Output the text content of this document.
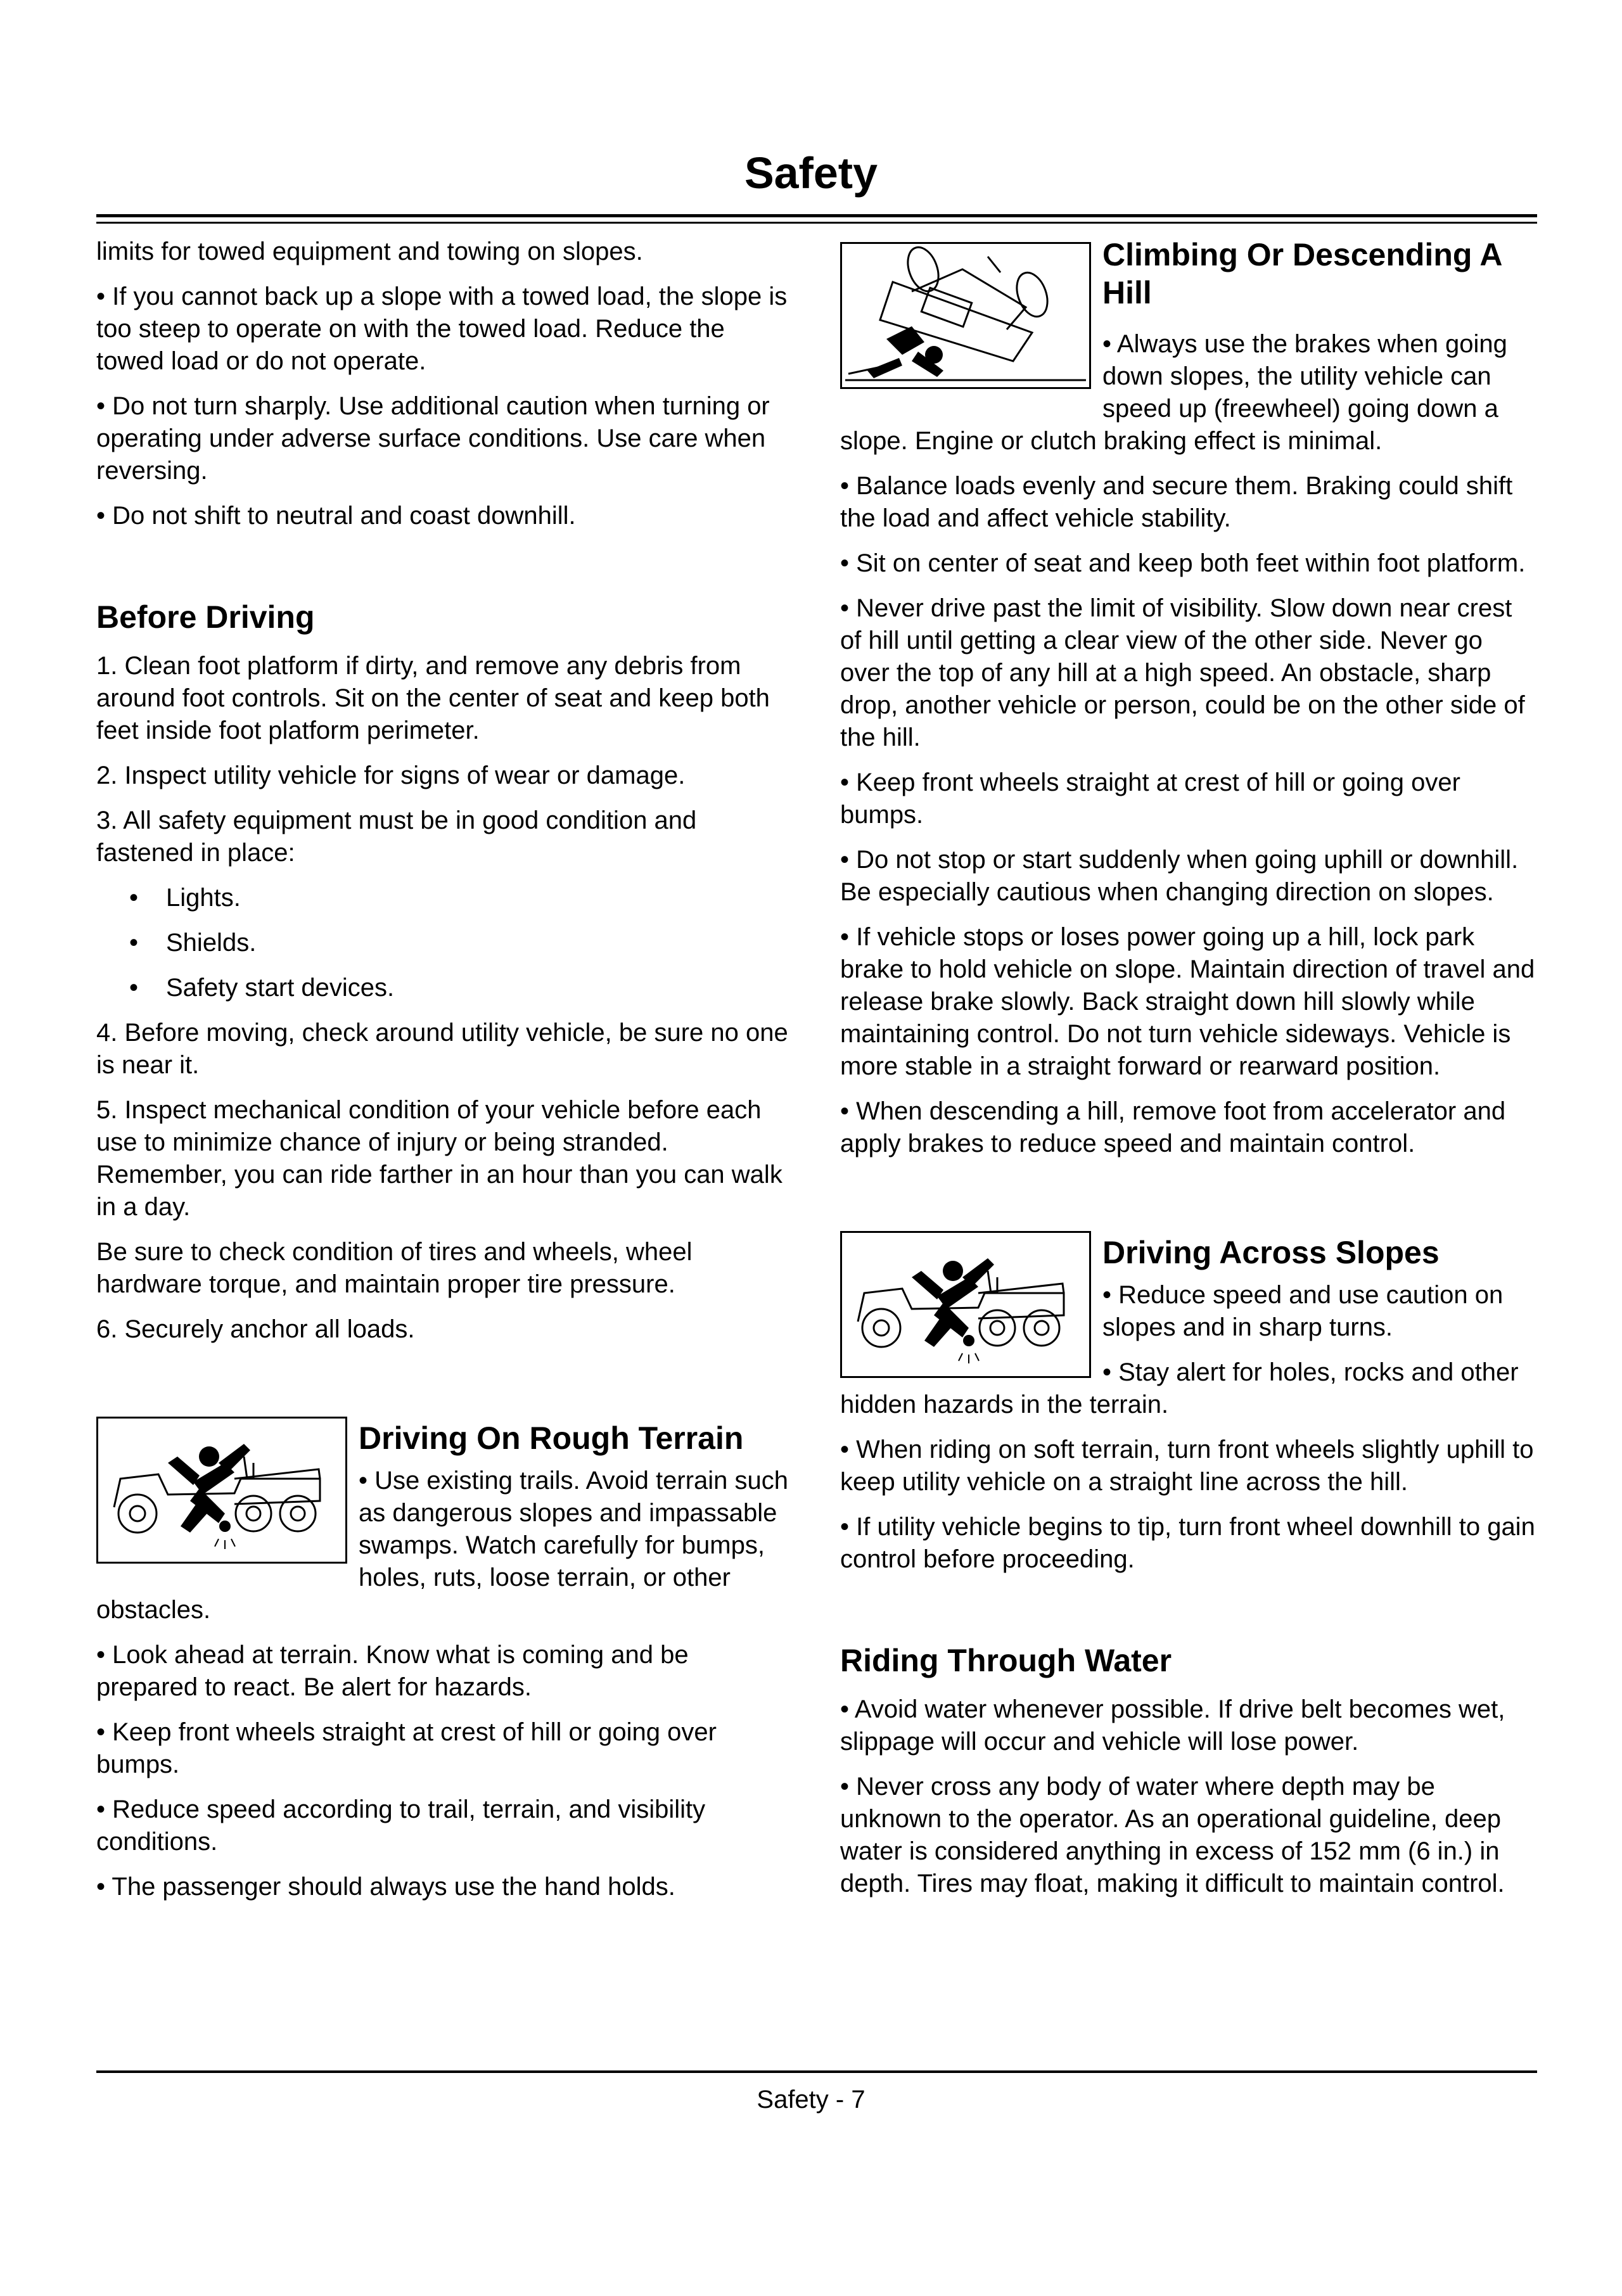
Safety

limits for towed equipment and towing on slopes.

• If you cannot back up a slope with a towed load, the slope is too steep to operate on with the towed load. Reduce the towed load or do not operate.

• Do not turn sharply. Use additional caution when turning or operating under adverse surface conditions. Use care when reversing.

• Do not shift to neutral and coast downhill.

Before Driving

1. Clean foot platform if dirty, and remove any debris from around foot controls. Sit on the center of seat and keep both feet inside foot platform perimeter.

2. Inspect utility vehicle for signs of wear or damage.

3. All safety equipment must be in good condition and fastened in place:

• Lights.
• Shields.
• Safety start devices.

4. Before moving, check around utility vehicle, be sure no one is near it.

5. Inspect mechanical condition of your vehicle before each use to minimize chance of injury or being stranded. Remember, you can ride farther in an hour than you can walk in a day.

Be sure to check condition of tires and wheels, wheel hardware torque, and maintain proper tire pressure.

6. Securely anchor all loads.

Driving On Rough Terrain

• Use existing trails. Avoid terrain such as dangerous slopes and impassable swamps. Watch carefully for bumps, holes, ruts, loose terrain, or other obstacles.

• Look ahead at terrain. Know what is coming and be prepared to react. Be alert for hazards.

• Keep front wheels straight at crest of hill or going over bumps.

• Reduce speed according to trail, terrain, and visibility conditions.

• The passenger should always use the hand holds.

Climbing Or Descending A Hill

• Always use the brakes when going down slopes, the utility vehicle can speed up (freewheel) going down a slope. Engine or clutch braking effect is minimal.

• Balance loads evenly and secure them. Braking could shift the load and affect vehicle stability.

• Sit on center of seat and keep both feet within foot platform.

• Never drive past the limit of visibility. Slow down near crest of hill until getting a clear view of the other side. Never go over the top of any hill at a high speed. An obstacle, sharp drop, another vehicle or person, could be on the other side of the hill.

• Keep front wheels straight at crest of hill or going over bumps.

• Do not stop or start suddenly when going uphill or downhill. Be especially cautious when changing direction on slopes.

• If vehicle stops or loses power going up a hill, lock park brake to hold vehicle on slope. Maintain direction of travel and release brake slowly. Back straight down hill slowly while maintaining control. Do not turn vehicle sideways. Vehicle is more stable in a straight forward or rearward position.

• When descending a hill, remove foot from accelerator and apply brakes to reduce speed and maintain control.

Driving Across Slopes

• Reduce speed and use caution on slopes and in sharp turns.

• Stay alert for holes, rocks and other hidden hazards in the terrain.

• When riding on soft terrain, turn front wheels slightly uphill to keep utility vehicle on a straight line across the hill.

• If utility vehicle begins to tip, turn front wheel downhill to gain control before proceeding.

Riding Through Water

• Avoid water whenever possible. If drive belt becomes wet, slippage will occur and vehicle will lose power.

• Never cross any body of water where depth may be unknown to the operator. As an operational guideline, deep water is considered anything in excess of 152 mm (6 in.) in depth. Tires may float, making it difficult to maintain control.

Safety - 7
